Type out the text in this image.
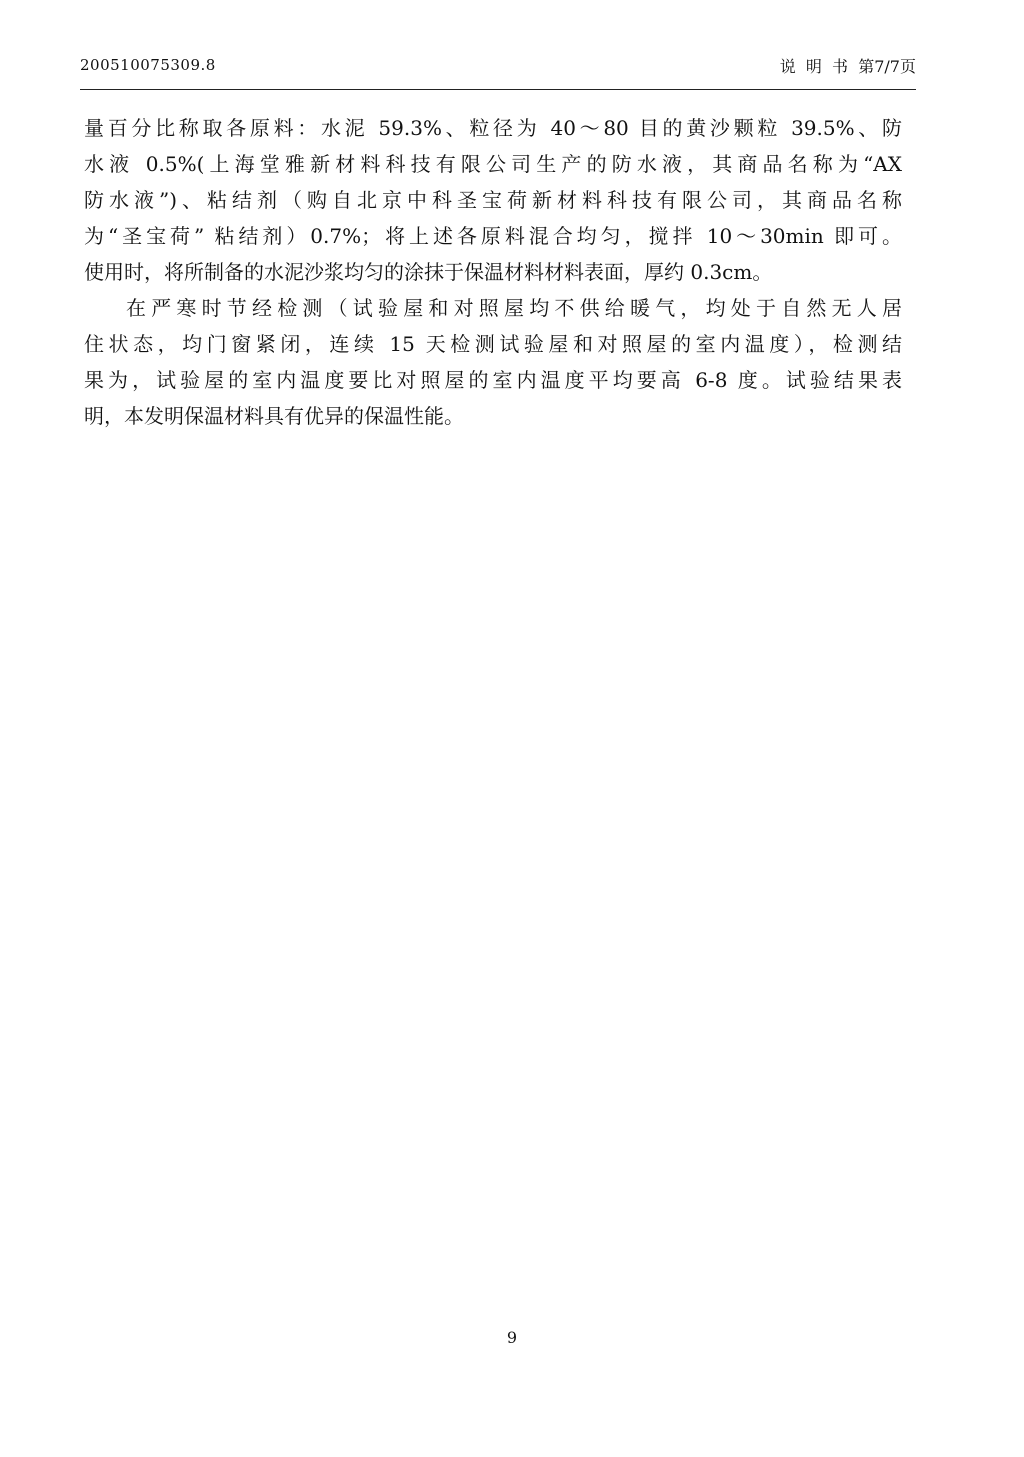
200510075309.8	说  明  书 第7/7页

量百分比称取各原料：水泥 59.3%、粒径为 40～80 目的黄沙颗粒 39.5%、防
水液 0.5%(上海堂雅新材料科技有限公司生产的防水液，其商品名称为“AX
防水液”)、粘结剂（购自北京中科圣宝荷新材料科技有限公司，其商品名称
为“圣宝荷” 粘结剂）0.7%；将上述各原料混合均匀，搅拌 10～30min 即可。
使用时，将所制备的水泥沙浆均匀的涂抹于保温材料材料表面，厚约 0.3cm。

在严寒时节经检测（试验屋和对照屋均不供给暖气，均处于自然无人居
住状态，均门窗紧闭，连续 15 天检测试验屋和对照屋的室内温度），检测结
果为，试验屋的室内温度要比对照屋的室内温度平均要高 6-8 度。试验结果表
明，本发明保温材料具有优异的保温性能。

9
